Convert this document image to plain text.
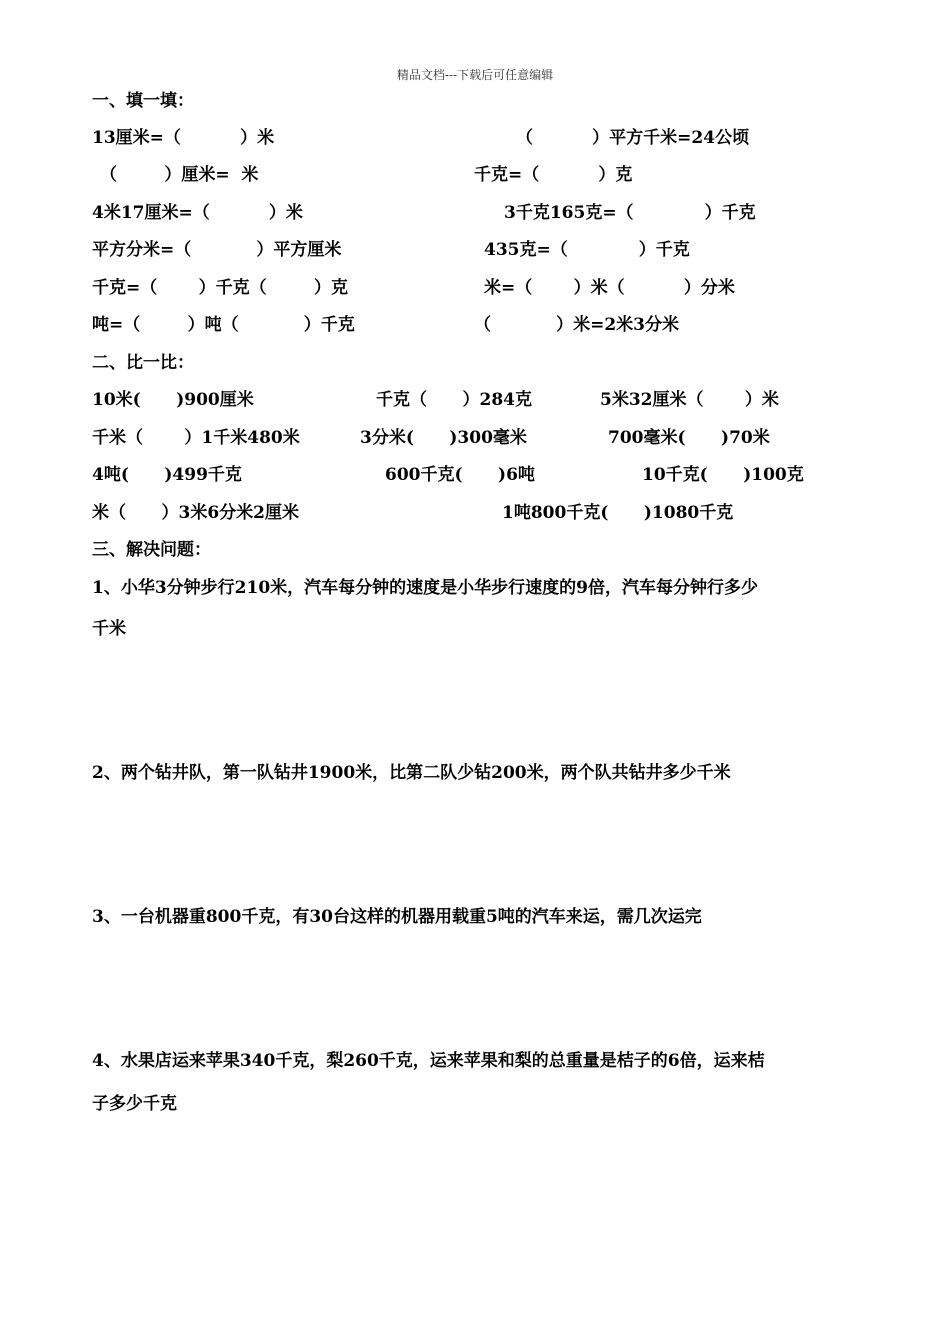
精品文档---下载后可任意编辑
一、填一填：
13厘米=（          ）米	（          ）平方千米=24公顷
（        ）厘米=  米	千克=（          ）克
4米17厘米=（          ）米	3千克165克=（            ）千克
平方分米=（           ）平方厘米	435克=（            ）千克
千克=（       ）千克（        ）克	米=（       ）米（          ）分米
吨=（        ）吨（           ）千克	（           ）米=2米3分米
二、比一比：
10米(      )900厘米	千克（      ）284克	5米32厘米（       ）米
千米（       ）1千米480米	3分米(      )300毫米	700毫米(      )70米
4吨(      )499千克	600千克(      )6吨	10千克(      )100克
米（      ）3米6分米2厘米	1吨800千克(      )1080千克
三、解决问题：
1、小华3分钟步行210米，汽车每分钟的速度是小华步行速度的9倍，汽车每分钟行多少
千米
2、两个钻井队，第一队钻井1900米，比第二队少钻200米，两个队共钻井多少千米
3、一台机器重800千克，有30台这样的机器用载重5吨的汽车来运，需几次运完
4、水果店运来苹果340千克，梨260千克，运来苹果和梨的总重量是桔子的6倍，运来桔
子多少千克
